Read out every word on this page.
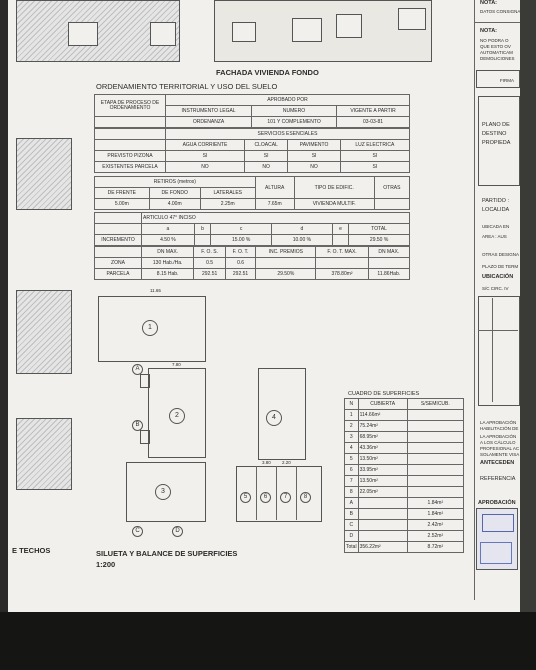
FACHADA VIVIENDA FONDO
E TECHOS
ORDENAMIENTO TERRITORIAL Y USO DEL SUELO
ETAPA DE PROCESO DE ORDENAMIENTO	APROBADO POR		
	INSTRUMENTO LEGAL	NUMERO	VIGENTE A PARTIR
	ORDENANZA	101 Y COMPLEMENTO	03-03-81
	SERVICIOS ESENCIALES			
	AGUA CORRIENTE	CLOACAL	PAVIMENTO	LUZ ELECTRICA
PREVISTO PIZONA	SI	SI	SI	SI
EXISTENTES PARCELA	NO	NO	NO	SI
RETIROS (metros)			ALTURA	TIPO DE EDIFIC.	OTRAS
DE FRENTE	DE FONDO	LATERALES			
5.00m	4.00m	2.25m	7.65m	VIVIENDA MULTIF.	
	ARTICULO 47° INCISO					
	a	b	c	d	e	TOTAL
INCREMENTO	4.50 %		15.00 %	10.00 %		29.50 %
	DN MAX.	F. O. S.	F. O. T.	INC. PREMIOS	F. O. T. MAX.	DN MAX.
ZONA	130 Hab./Ha.	0.5	0.6			
PARCELA	8.15 Hab.	292.51	292.51	29.50%	378.80m²	11.86Hab.
11.65
1
7.80
2	4
A
B
C	D
3
3.80 2.20
5	6	7	8
CUADRO DE SUPERFICIES
N	CUBIERTA	S/SEMICUB.
1	114.66m²	
2	75.24m²	
3	68.95m²	
4	43.36m²	
5	13.50m²	
6	33.95m²	
7	13.50m²	
8	22.05m²	
A		1.84m²
B		1.84m²
C		2.42m²
D		2.52m²
Total	356.22m²	8.72m²
SILUETA Y BALANCE DE SUPERFICIES
1:200
NOTA:
DATOS CONSIGNA
NOTA:
NO PODRA O
QUE ESTO OV
AUTOMATICAM
DEMOLICIONES
FIRMA
PLANO DE
DESTINO
PROPIEDA
PARTIDO :
LOCALIDA
UBICADA EN
AREA : AUS
OTRAS DESIGNA
PLAZO DE TERM
UBICACIÓN
S/C CIRC. IV
LA APROBACIÓN
HABILITACIÓN DE
LA APROBACIÓN
A LOS CÁLCULO
PROFESIONAL AC
SOLAMENTE VISA
ANTECEDEN
REFERENCIA
APROBACIÓN
